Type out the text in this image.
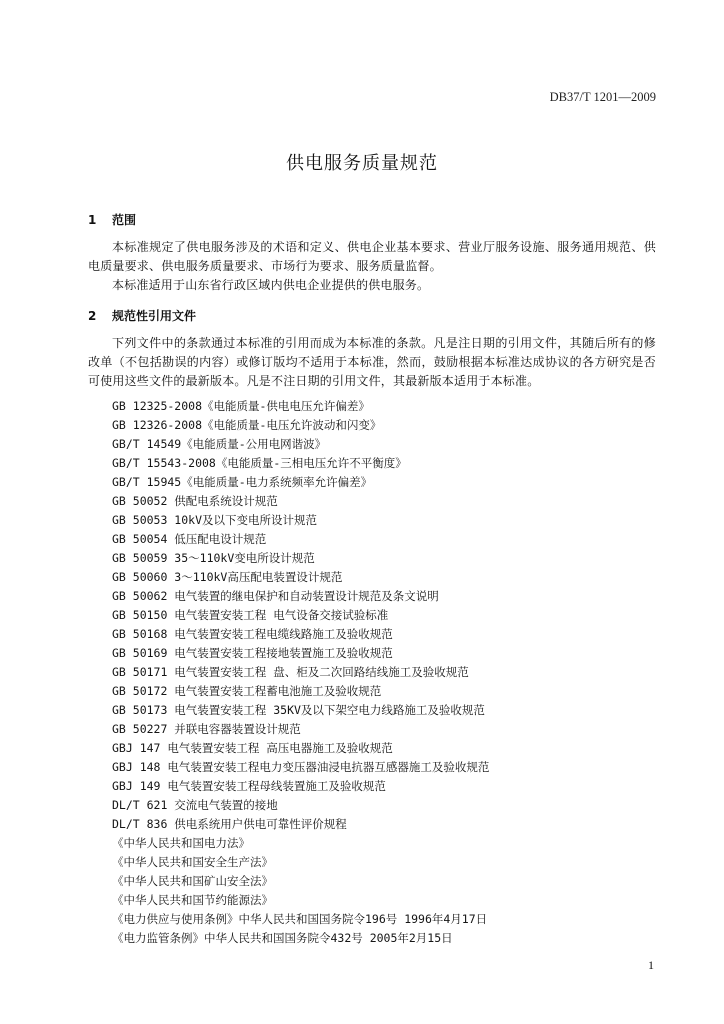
DB37/T 1201—2009
供电服务质量规范
1 范围
本标准规定了供电服务涉及的术语和定义、供电企业基本要求、营业厅服务设施、服务通用规范、供电质量要求、供电服务质量要求、市场行为要求、服务质量监督。
本标准适用于山东省行政区域内供电企业提供的供电服务。
2 规范性引用文件
下列文件中的条款通过本标准的引用而成为本标准的条款。凡是注日期的引用文件，其随后所有的修改单（不包括勘误的内容）或修订版均不适用于本标准，然而，鼓励根据本标准达成协议的各方研究是否可使用这些文件的最新版本。凡是不注日期的引用文件，其最新版本适用于本标准。
GB 12325-2008《电能质量-供电电压允许偏差》
GB 12326-2008《电能质量-电压允许波动和闪变》
GB/T 14549《电能质量-公用电网谐波》
GB/T 15543-2008《电能质量-三相电压允许不平衡度》
GB/T 15945《电能质量-电力系统频率允许偏差》
GB 50052 供配电系统设计规范
GB 50053 10kV及以下变电所设计规范
GB 50054 低压配电设计规范
GB 50059 35～110kV变电所设计规范
GB 50060 3～110kV高压配电装置设计规范
GB 50062 电气装置的继电保护和自动装置设计规范及条文说明
GB 50150 电气装置安装工程 电气设备交接试验标准
GB 50168 电气装置安装工程电缆线路施工及验收规范
GB 50169 电气装置安装工程接地装置施工及验收规范
GB 50171 电气装置安装工程 盘、柜及二次回路结线施工及验收规范
GB 50172 电气装置安装工程蓄电池施工及验收规范
GB 50173 电气装置安装工程 35KV及以下架空电力线路施工及验收规范
GB 50227 并联电容器装置设计规范
GBJ 147 电气装置安装工程 高压电器施工及验收规范
GBJ 148 电气装置安装工程电力变压器油浸电抗器互感器施工及验收规范
GBJ 149 电气装置安装工程母线装置施工及验收规范
DL/T 621 交流电气装置的接地
DL/T 836 供电系统用户供电可靠性评价规程
《中华人民共和国电力法》
《中华人民共和国安全生产法》
《中华人民共和国矿山安全法》
《中华人民共和国节约能源法》
《电力供应与使用条例》中华人民共和国国务院令196号 1996年4月17日
《电力监管条例》中华人民共和国国务院令432号 2005年2月15日
1
